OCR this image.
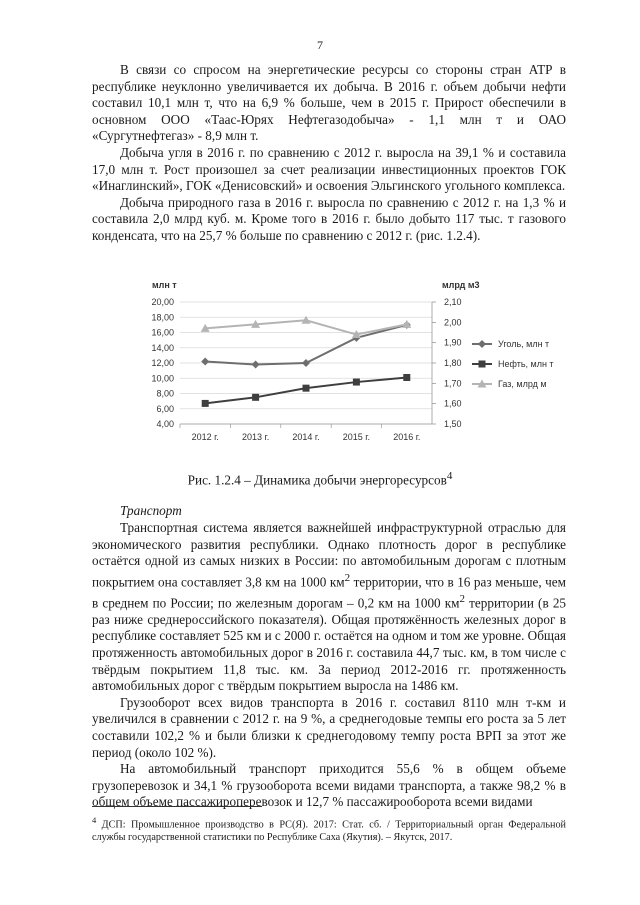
7

В связи со спросом на энергетические ресурсы со стороны стран АТР в республике неуклонно увеличивается их добыча. В 2016 г. объем добычи нефти составил 10,1 млн т, что на 6,9 % больше, чем в 2015 г. Прирост обеспечили в основном ООО «Таас-Юрях Нефтегазодобыча» - 1,1 млн т и ОАО «Сургутнефтегаз» - 8,9 млн т.

Добыча угля в 2016 г. по сравнению с 2012 г. выросла на 39,1 % и составила 17,0 млн т. Рост произошел за счет реализации инвестиционных проектов ГОК «Инаглинский», ГОК «Денисовский» и освоения Эльгинского угольного комплекса.

Добыча природного газа в 2016 г. выросла по сравнению с 2012 г. на 1,3 % и составила 2,0 млрд куб. м. Кроме того в 2016 г. было добыто 117 тыс. т газового конденсата, что на 25,7 % больше по сравнению с 2012 г. (рис. 1.2.4).

4,00
6,00
8,00
10,00
12,00
14,00
16,00
18,00
20,00
1,50
1,60
1,70
1,80
1,90
2,00
2,10
млн т	млрд м3
2012 г.	2013 г.	2014 г.	2015 г.	2016 г.
Уголь, млн т
Нефть, млн т
Газ, млрд м
Рис. 1.2.4 – Динамика добычи энергоресурсов$^4$
Транспорт

Транспортная система является важнейшей инфраструктурной отраслью для экономического развития республики. Однако плотность дорог в республике остаётся одной из самых низких в России: по автомобильным дорогам с плотным покрытием она составляет 3,8 км на 1000 $км^2$ территории, что в 16 раз меньше, чем в среднем по России; по железным дорогам – 0,2 км на 1000 $км^2$ территории (в 25 раз ниже среднероссийского показателя). Общая протяжённость железных дорог в республике составляет 525 км и с 2000 г. остаётся на одном и том же уровне. Общая протяженность автомобильных дорог в 2016 г. составила 44,7 тыс. км, в том числе с твёрдым покрытием 11,8 тыс. км. За период 2012-2016 гг. протяженность автомобильных дорог с твёрдым покрытием выросла на 1486 км.

Грузооборот всех видов транспорта в 2016 г. составил 8110 млн т-км и увеличился в сравнении с 2012 г. на 9 %, а среднегодовые темпы его роста за 5 лет составили 102,2 % и были близки к среднегодовому темпу роста ВРП за этот же период (около 102 %).

На автомобильный транспорт приходится 55,6 % в общем объеме грузоперевозок и 34,1 % грузооборота всеми видами транспорта, а также 98,2 % в общем объеме пассажироперевозок и 12,7 % пассажирооборота всеми видами

$^4$ ДСП: Промышленное производство в РС(Я). 2017: Стат. сб. / Территориальный орган Федеральной службы государственной статистики по Республике Саха (Якутия). – Якутск, 2017.
